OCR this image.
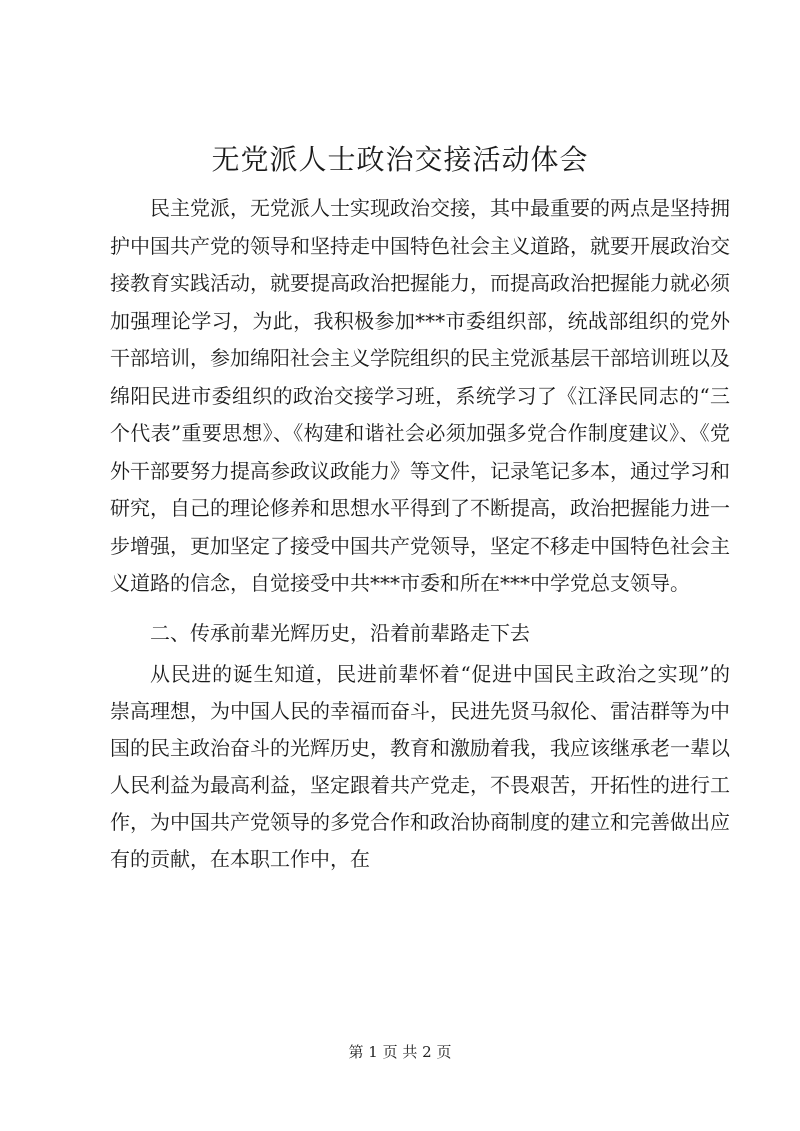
无党派人士政治交接活动体会

民主党派，无党派人士实现政治交接，其中最重要的两点是坚持拥护中国共产党的领导和坚持走中国特色社会主义道路，就要开展政治交接教育实践活动，就要提高政治把握能力，而提高政治把握能力就必须加强理论学习，为此，我积极参加***市委组织部，统战部组织的党外干部培训，参加绵阳社会主义学院组织的民主党派基层干部培训班以及绵阳民进市委组织的政治交接学习班，系统学习了《江泽民同志的“三个代表”重要思想》、《构建和谐社会必须加强多党合作制度建议》、《党外干部要努力提高参政议政能力》等文件，记录笔记多本，通过学习和研究，自己的理论修养和思想水平得到了不断提高，政治把握能力进一步增强，更加坚定了接受中国共产党领导，坚定不移走中国特色社会主义道路的信念，自觉接受中共***市委和所在***中学党总支领导。

二、传承前辈光辉历史，沿着前辈路走下去

从民进的诞生知道，民进前辈怀着“促进中国民主政治之实现”的崇高理想，为中国人民的幸福而奋斗，民进先贤马叙伦、雷洁群等为中国的民主政治奋斗的光辉历史，教育和激励着我，我应该继承老一辈以人民利益为最高利益，坚定跟着共产党走，不畏艰苦，开拓性的进行工作，为中国共产党领导的多党合作和政治协商制度的建立和完善做出应有的贡献，在本职工作中，在

第 1 页 共 2 页
